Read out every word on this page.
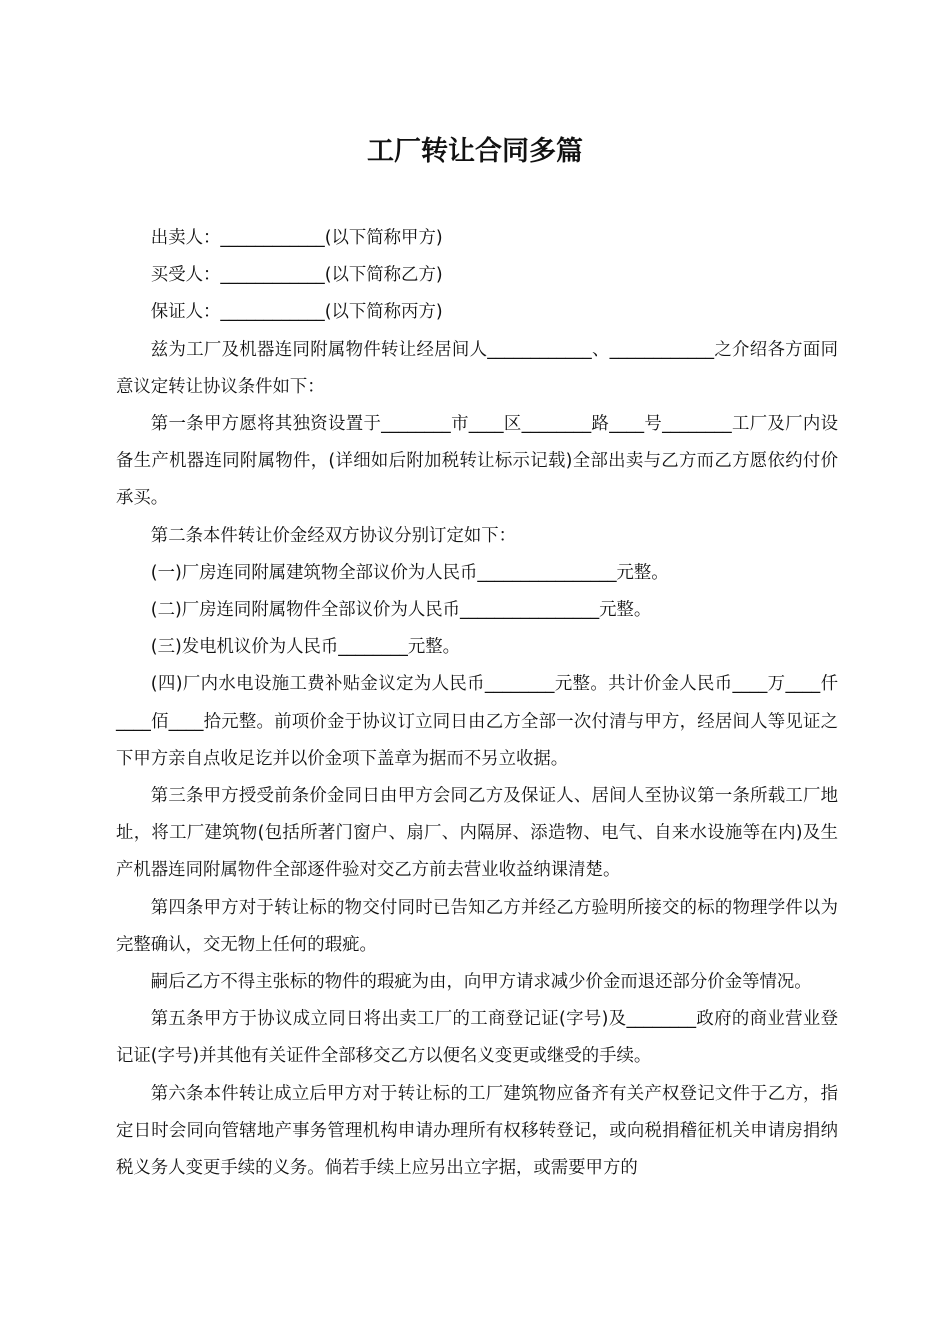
工厂转让合同多篇

出卖人：____________(以下简称甲方)

买受人：____________(以下简称乙方)

保证人：____________(以下简称丙方)

兹为工厂及机器连同附属物件转让经居间人____________、____________之介绍各方面同意议定转让协议条件如下：

第一条甲方愿将其独资设置于________市____区________路____号________工厂及厂内设备生产机器连同附属物件，(详细如后附加税转让标示记载)全部出卖与乙方而乙方愿依约付价承买。

第二条本件转让价金经双方协议分别订定如下：

(一)厂房连同附属建筑物全部议价为人民币________________元整。

(二)厂房连同附属物件全部议价为人民币________________元整。

(三)发电机议价为人民币________元整。

(四)厂内水电设施工费补贴金议定为人民币________元整。共计价金人民币____万____仟____佰____拾元整。前项价金于协议订立同日由乙方全部一次付清与甲方，经居间人等见证之下甲方亲自点收足讫并以价金项下盖章为据而不另立收据。

第三条甲方授受前条价金同日由甲方会同乙方及保证人、居间人至协议第一条所载工厂地址，将工厂建筑物(包括所著门窗户、扇厂、内隔屏、添造物、电气、自来水设施等在内)及生产机器连同附属物件全部逐件验对交乙方前去营业收益纳课清楚。

第四条甲方对于转让标的物交付同时已告知乙方并经乙方验明所接交的标的物理学件以为完整确认，交无物上任何的瑕疵。

嗣后乙方不得主张标的物件的瑕疵为由，向甲方请求减少价金而退还部分价金等情况。

第五条甲方于协议成立同日将出卖工厂的工商登记证(字号)及________政府的商业营业登记证(字号)并其他有关证件全部移交乙方以便名义变更或继受的手续。

第六条本件转让成立后甲方对于转让标的工厂建筑物应备齐有关产权登记文件于乙方，指定日时会同向管辖地产事务管理机构申请办理所有权移转登记，或向税捐稽征机关申请房捐纳税义务人变更手续的义务。倘若手续上应另出立字据，或需要甲方的
